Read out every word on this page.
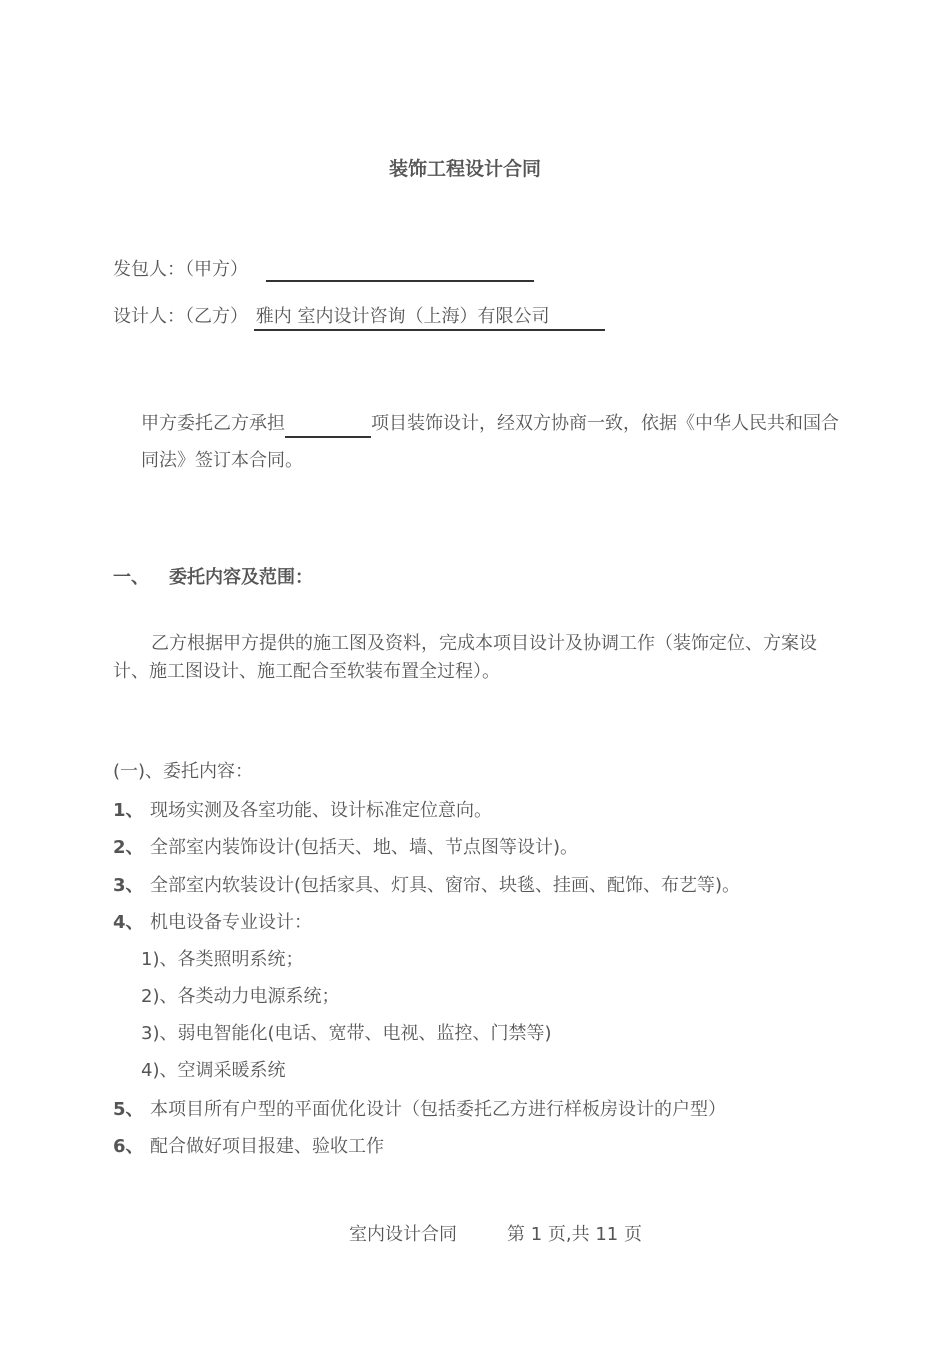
装饰工程设计合同
发包人：（甲方）
设计人：（乙方） 雅内 室内设计咨询（上海）有限公司
甲方委托乙方承担	项目装饰设计，经双方协商一致，依据《中华人民共和国合同法》签订本合同。
一、 委托内容及范围：
乙方根据甲方提供的施工图及资料，完成本项目设计及协调工作（装饰定位、方案设计、施工图设计、施工配合至软装布置全过程）。
(一)、委托内容：
1、 现场实测及各室功能、设计标准定位意向。
2、 全部室内装饰设计(包括天、地、墙、节点图等设计)。
3、 全部室内软装设计(包括家具、灯具、窗帘、块毯、挂画、配饰、布艺等)。
4、 机电设备专业设计：
1)、各类照明系统；
2)、各类动力电源系统；
3)、弱电智能化(电话、宽带、电视、监控、门禁等)
4)、空调采暖系统
5、 本项目所有户型的平面优化设计（包括委托乙方进行样板房设计的户型）
6、 配合做好项目报建、验收工作
室内设计合同	第 1 页,共 11 页
